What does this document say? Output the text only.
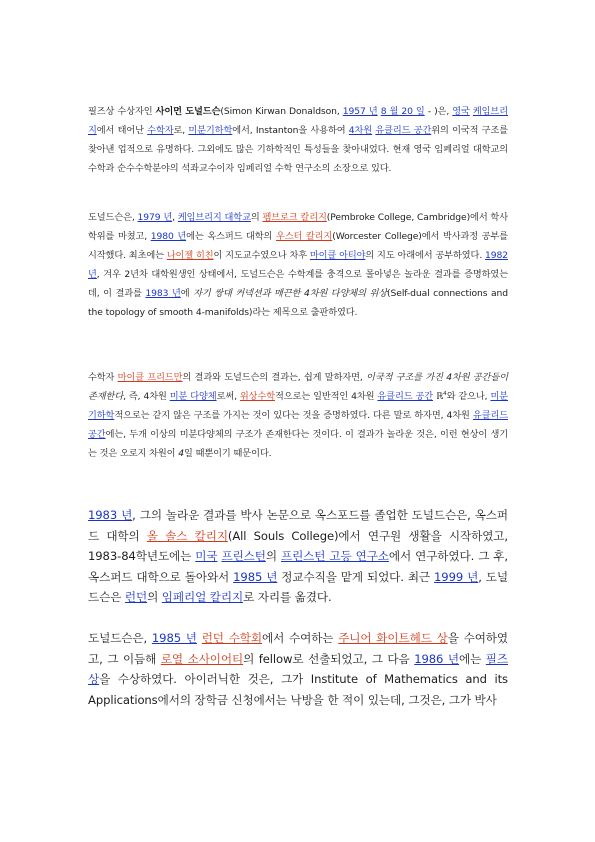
필즈상 수상자인 사이먼 도널드슨(Simon Kirwan Donaldson, 1957 년 8 월 20 일 - )은, 영국 케임브리지에서 태어난 수학자로, 미분기하학에서, Instanton을 사용하여 4차원 유클리드 공간위의 이국적 구조를 찾아낸 업적으로 유명하다. 그외에도 많은 기하학적인 특성들을 찾아내었다. 현재 영국 임페리얼 대학교의 수학과 순수수학분야의 석좌교수이자 임페리얼 수학 연구소의 소장으로 있다.

도널드슨은, 1979 년, 케임브리지 대학교의 펨브로크 칼리지(Pembroke College, Cambridge)에서 학사학위를 마쳤고, 1980 년에는 옥스퍼드 대학의 우스터 칼리지(Worcester College)에서 박사과정 공부를 시작했다. 최초에는 나이젤 히친이 지도교수였으나 차후 마이클 아티야의 지도 아래에서 공부하였다. 1982 년, 겨우 2년차 대학원생인 상태에서, 도널드슨은 수학계를 충격으로 몰아넣은 놀라운 결과를 증명하였는데, 이 결과를 1983 년에 자기 쌍대 커넥션과 매끈한 4차원 다양체의 위상(Self-dual connections and the topology of smooth 4-manifolds)라는 제목으로 출판하였다.

수학자 마이클 프리드만의 결과와 도널드슨의 결과는, 쉽게 말하자면, 이국적 구조를 가진 4차원 공간들이 존재한다, 즉, 4차원 미분 다양체로써, 위상수학적으로는 일반적인 4차원 유클리드 공간 ℝ$^4$와 같으나, 미분 기하학적으로는 같지 않은 구조를 가지는 것이 있다는 것을 증명하였다. 다른 말로 하자면, 4차원 유클리드 공간에는, 두개 이상의 미분다양체의 구조가 존재한다는 것이다. 이 결과가 놀라운 것은, 이런 현상이 생기는 것은 오로지 차원이 4일 때뿐이기 때문이다.

1983 년, 그의 놀라운 결과를 박사 논문으로 옥스포드를 졸업한 도널드슨은, 옥스퍼드 대학의 올 솔스 칼리지(All Souls College)에서 연구원 생활을 시작하였고, 1983-84학년도에는 미국 프린스턴의 프린스턴 고등 연구소에서 연구하였다. 그 후, 옥스퍼드 대학으로 돌아와서 1985 년 정교수직을 맡게 되었다. 최근 1999 년, 도널드슨은 런던의 임페리얼 칼리지로 자리를 옮겼다.

도널드슨은, 1985 년 런던 수학회에서 수여하는 주니어 화이트헤드 상을 수여하였고, 그 이듬해 로열 소사이어티의 fellow로 선출되었고, 그 다음 1986 년에는 필즈 상을 수상하였다. 아이러닉한 것은, 그가 Institute of Mathematics and its Applications에서의 장학금 신청에서는 낙방을 한 적이 있는데, 그것은, 그가 박사
